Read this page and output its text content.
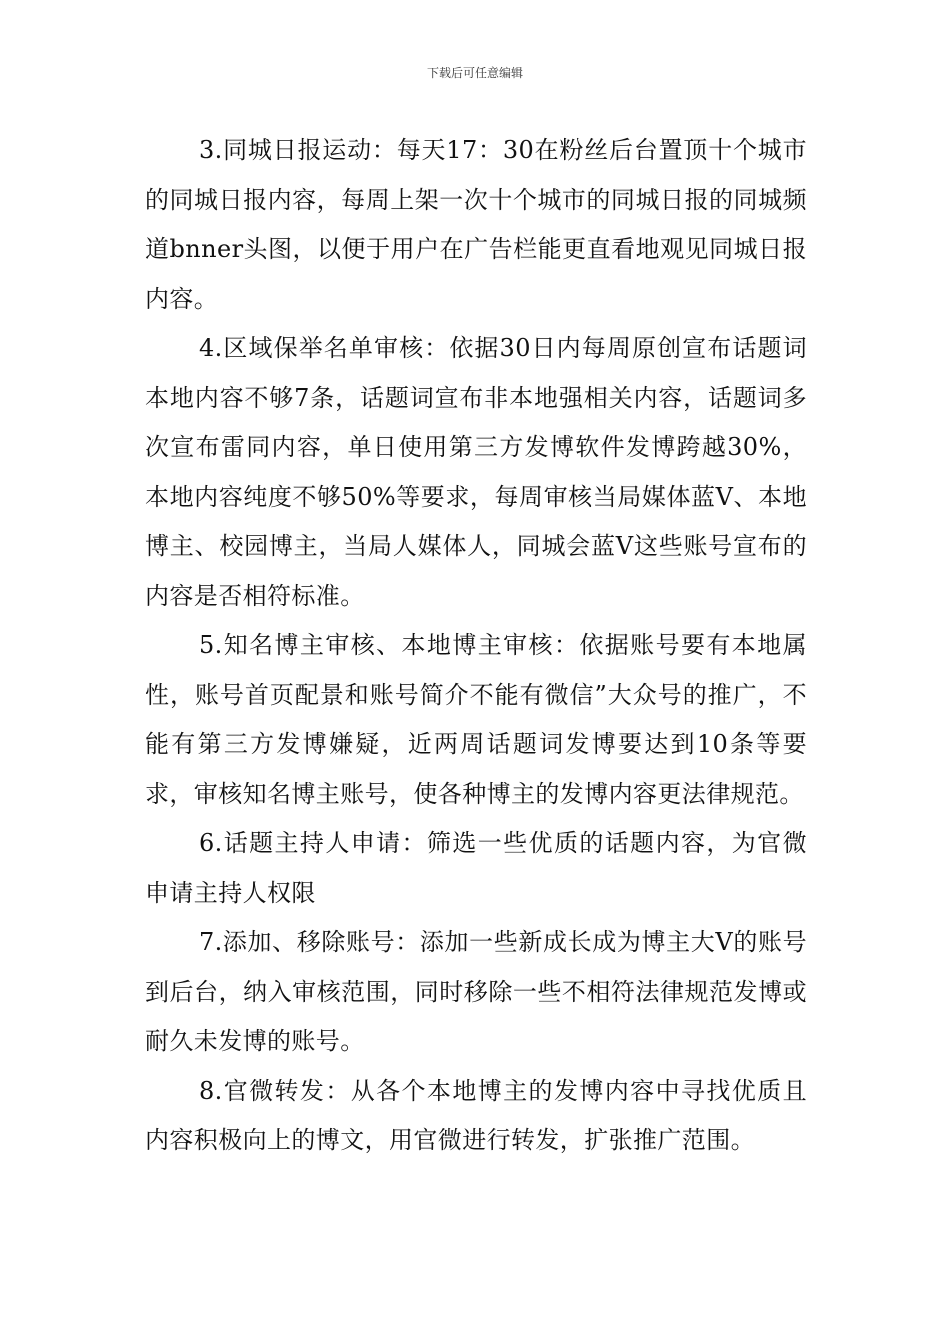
下载后可任意编辑

3.同城日报运动：每天17：30在粉丝后台置顶十个城市的同城日报内容，每周上架一次十个城市的同城日报的同城频道bnner头图，以便于用户在广告栏能更直看地观见同城日报内容。

4.区域保举名单审核：依据30日内每周原创宣布话题词本地内容不够7条，话题词宣布非本地强相关内容，话题词多次宣布雷同内容，单日使用第三方发博软件发博跨越30%，本地内容纯度不够50%等要求，每周审核当局媒体蓝V、本地博主、校园博主，当局人媒体人，同城会蓝V这些账号宣布的内容是否相符标准。

5.知名博主审核、本地博主审核：依据账号要有本地属性，账号首页配景和账号简介不能有微信”大众号的推广，不能有第三方发博嫌疑，近两周话题词发博要达到10条等要求，审核知名博主账号，使各种博主的发博内容更法律规范。

6.话题主持人申请：筛选一些优质的话题内容，为官微申请主持人权限

7.添加、移除账号：添加一些新成长成为博主大V的账号到后台，纳入审核范围，同时移除一些不相符法律规范发博或耐久未发博的账号。

8.官微转发：从各个本地博主的发博内容中寻找优质且内容积极向上的博文，用官微进行转发，扩张推广范围。
